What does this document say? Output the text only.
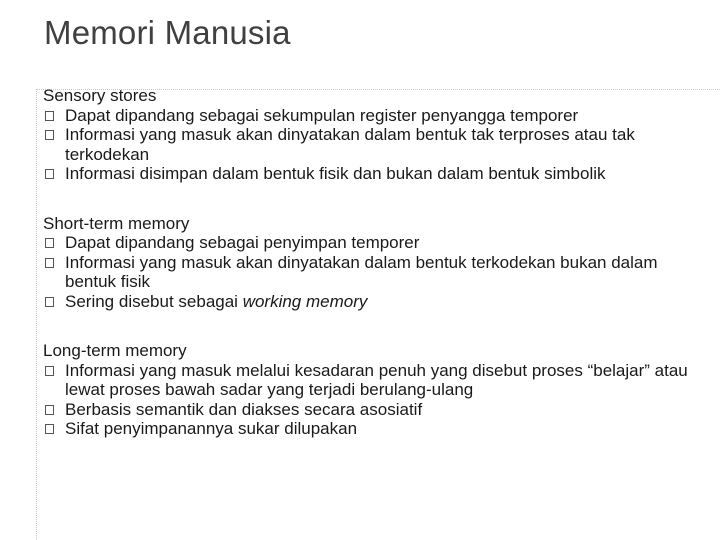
Memori Manusia
Sensory stores
Dapat dipandang sebagai sekumpulan register penyangga temporer
Informasi yang masuk akan dinyatakan dalam bentuk tak terproses atau tak terkodekan
Informasi disimpan dalam bentuk fisik dan bukan dalam bentuk simbolik
Short-term memory
Dapat dipandang sebagai penyimpan temporer
Informasi yang masuk akan dinyatakan dalam bentuk terkodekan bukan dalam bentuk fisik
Sering disebut sebagai working memory
Long-term memory
Informasi yang masuk melalui kesadaran penuh yang disebut proses “belajar” atau lewat proses bawah sadar yang terjadi berulang-ulang
Berbasis semantik dan diakses secara asosiatif
Sifat penyimpanannya sukar dilupakan
